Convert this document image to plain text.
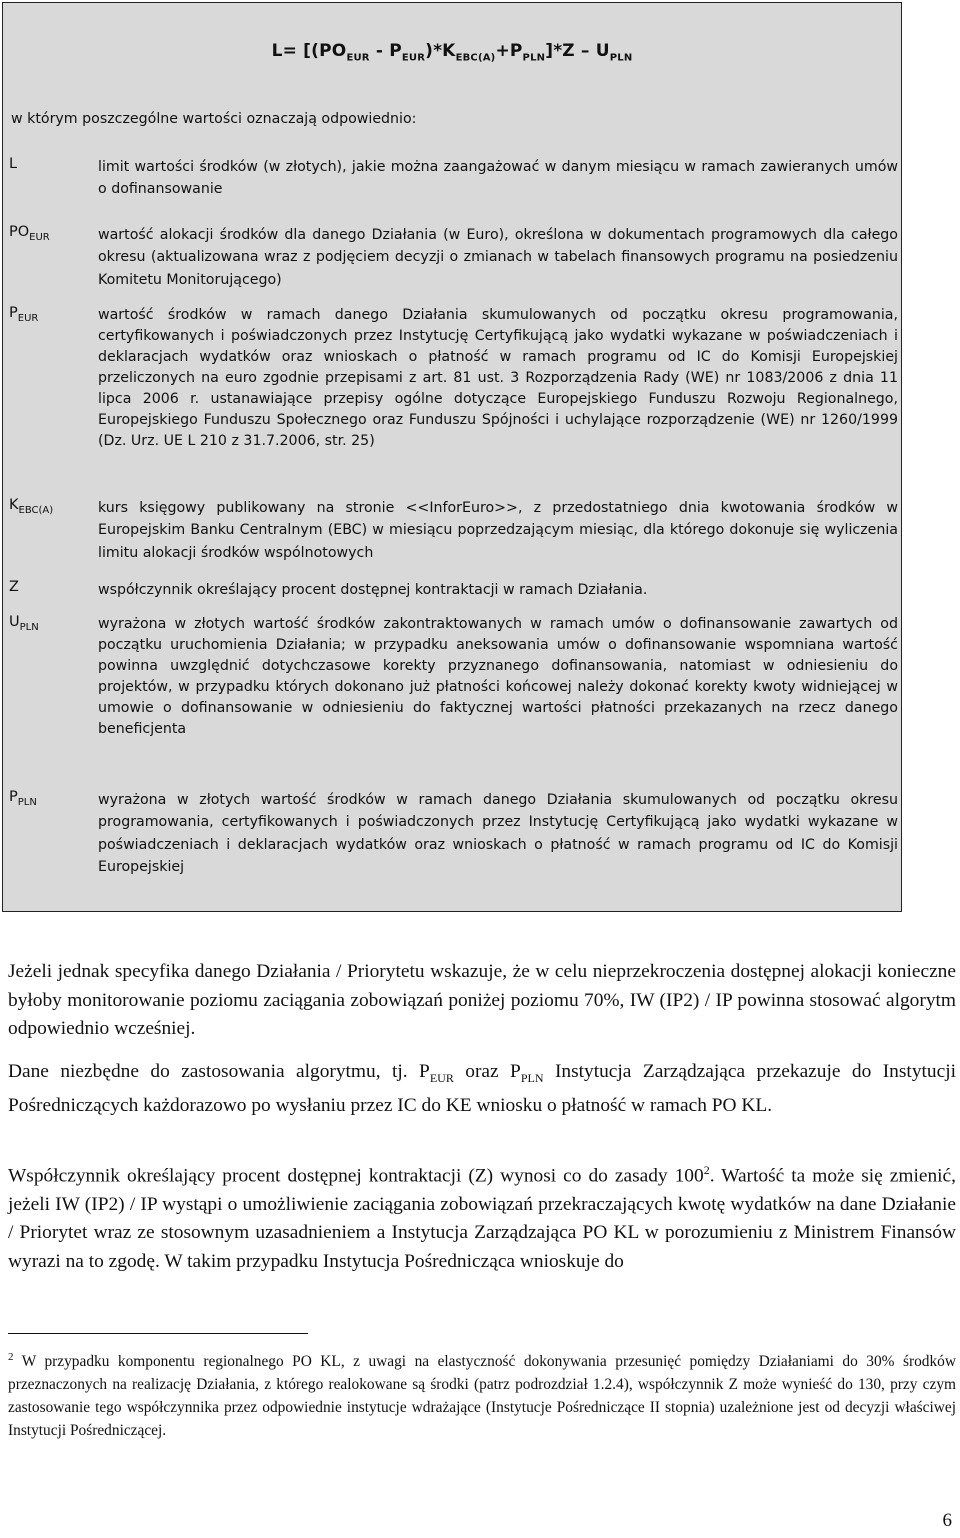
$L= [(PO_{EUR} - P_{EUR})*K_{EBC(A)}+P_{PLN}]*Z - U_{PLN}$
w którym poszczególne wartości oznaczają odpowiednio:
L	limit wartości środków (w złotych), jakie można zaangażować w danym miesiącu w ramach zawieranych umów o dofinansowanie
$PO_{EUR}$	wartość alokacji środków dla danego Działania (w Euro), określona w dokumentach programowych dla całego okresu (aktualizowana wraz z podjęciem decyzji o zmianach w tabelach finansowych programu na posiedzeniu Komitetu Monitorującego)
$P_{EUR}$	wartość środków w ramach danego Działania skumulowanych od początku okresu programowania, certyfikowanych i poświadczonych przez Instytucję Certyfikującą jako wydatki wykazane w poświadczeniach i deklaracjach wydatków oraz wnioskach o płatność w ramach programu od IC do Komisji Europejskiej przeliczonych na euro zgodnie przepisami z art. 81 ust. 3 Rozporządzenia Rady (WE) nr 1083/2006 z dnia 11 lipca 2006 r. ustanawiające przepisy ogólne dotyczące Europejskiego Funduszu Rozwoju Regionalnego, Europejskiego Funduszu Społecznego oraz Funduszu Spójności i uchylające rozporządzenie (WE) nr 1260/1999 (Dz. Urz. UE L 210 z 31.7.2006, str. 25)
$K_{EBC(A)}$	kurs księgowy publikowany na stronie <<InforEuro>>, z przedostatniego dnia kwotowania środków w Europejskim Banku Centralnym (EBC) w miesiącu poprzedzającym miesiąc, dla którego dokonuje się wyliczenia limitu alokacji środków wspólnotowych
Z	współczynnik określający procent dostępnej kontraktacji w ramach Działania.
$U_{PLN}$	wyrażona w złotych wartość środków zakontraktowanych w ramach umów o dofinansowanie zawartych od początku uruchomienia Działania; w przypadku aneksowania umów o dofinansowanie wspomniana wartość powinna uwzględnić dotychczasowe korekty przyznanego dofinansowania, natomiast w odniesieniu do projektów, w przypadku których dokonano już płatności końcowej należy dokonać korekty kwoty widniejącej w umowie o dofinansowanie w odniesieniu do faktycznej wartości płatności przekazanych na rzecz danego beneficjenta
$P_{PLN}$	wyrażona w złotych wartość środków w ramach danego Działania skumulowanych od początku okresu programowania, certyfikowanych i poświadczonych przez Instytucję Certyfikującą jako wydatki wykazane w poświadczeniach i deklaracjach wydatków oraz wnioskach o płatność w ramach programu od IC do Komisji Europejskiej

Jeżeli jednak specyfika danego Działania / Priorytetu wskazuje, że w celu nieprzekroczenia dostępnej alokacji konieczne byłoby monitorowanie poziomu zaciągania zobowiązań poniżej poziomu 70%, IW (IP2) / IP powinna stosować algorytm odpowiednio wcześniej.

Dane niezbędne do zastosowania algorytmu, tj. $P_{EUR}$ oraz $P_{PLN}$ Instytucja Zarządzająca przekazuje do Instytucji Pośredniczących każdorazowo po wysłaniu przez IC do KE wniosku o płatność w ramach PO KL.

Współczynnik określający procent dostępnej kontraktacji (Z) wynosi co do zasady $100^2$. Wartość ta może się zmienić, jeżeli IW (IP2) / IP wystąpi o umożliwienie zaciągania zobowiązań przekraczających kwotę wydatków na dane Działanie / Priorytet wraz ze stosownym uzasadnieniem a Instytucja Zarządzająca PO KL w porozumieniu z Ministrem Finansów wyrazi na to zgodę. W takim przypadku Instytucja Pośrednicząca wnioskuje do

$^2$ W przypadku komponentu regionalnego PO KL, z uwagi na elastyczność dokonywania przesunięć pomiędzy Działaniami do 30% środków przeznaczonych na realizację Działania, z którego realokowane są środki (patrz podrozdział 1.2.4), współczynnik Z może wynieść do 130, przy czym zastosowanie tego współczynnika przez odpowiednie instytucje wdrażające (Instytucje Pośredniczące II stopnia) uzależnione jest od decyzji właściwej Instytucji Pośredniczącej.
6
